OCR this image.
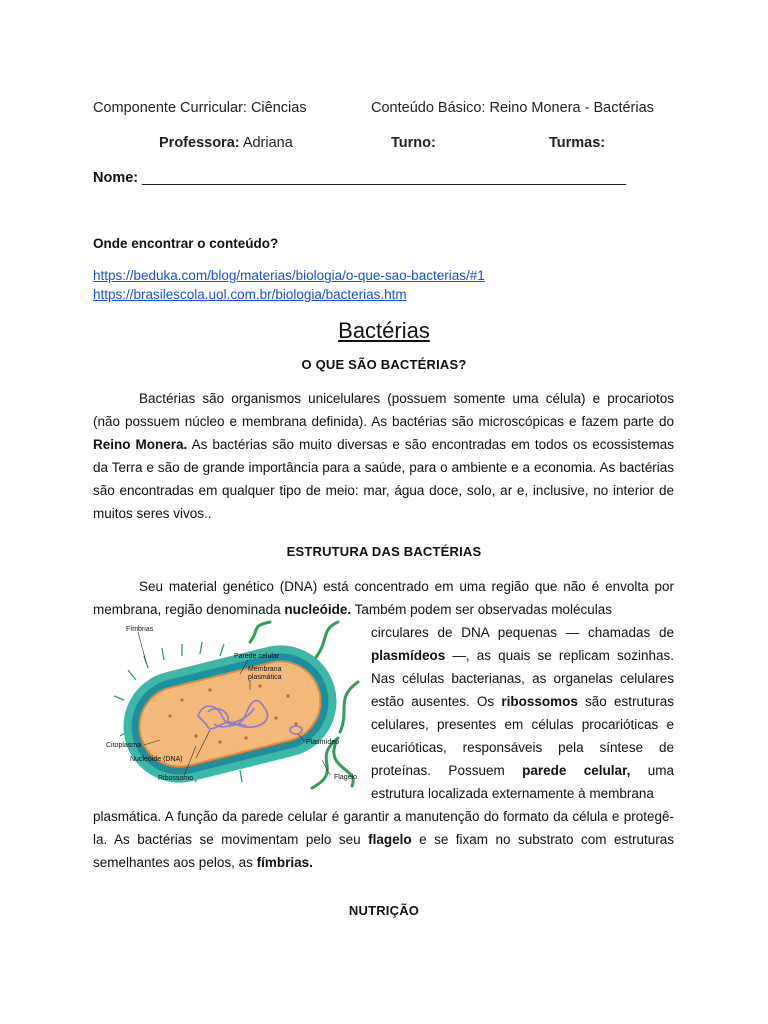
Componente Curricular: Ciências	Conteúdo Básico: Reino Monera - Bactérias
Professora: Adriana	Turno:	Turmas:
Nome: ____________________________________________________________
Onde encontrar o conteúdo?
https://beduka.com/blog/materias/biologia/o-que-sao-bacterias/#1
https://brasilescola.uol.com.br/biologia/bacterias.htm
Bactérias
O QUE SÃO BACTÉRIAS?
Bactérias são organismos unicelulares (possuem somente uma célula) e procariotos (não possuem núcleo e membrana definida). As bactérias são microscópicas e fazem parte do Reino Monera. As bactérias são muito diversas e são encontradas em todos os ecossistemas da Terra e são de grande importância para a saúde, para o ambiente e a economia. As bactérias são encontradas em qualquer tipo de meio: mar, água doce, solo, ar e, inclusive, no interior de muitos seres vivos..
ESTRUTURA DAS BACTÉRIAS
Seu material genético (DNA) está concentrado em uma região que não é envolta por membrana, região denominada nucleóide. Também podem ser observadas moléculas
Fímbrias
Parede celular
Membrana
plasmática
Citoplasma
Nucleoide (DNA)
Ribossomo
Plasmídeo
Flagelo
circulares de DNA pequenas — chamadas de plasmídeos —, as quais se replicam sozinhas. Nas células bacterianas, as organelas celulares estão ausentes. Os ribossomos são estruturas celulares, presentes em células procarióticas e eucarióticas, responsáveis pela síntese de proteínas. Possuem parede celular, uma estrutura localizada externamente à membrana
plasmática. A função da parede celular é garantir a manutenção do formato da célula e protegê-la. As bactérias se movimentam pelo seu flagelo e se fixam no substrato com estruturas semelhantes aos pelos, as fímbrias.
NUTRIÇÃO
